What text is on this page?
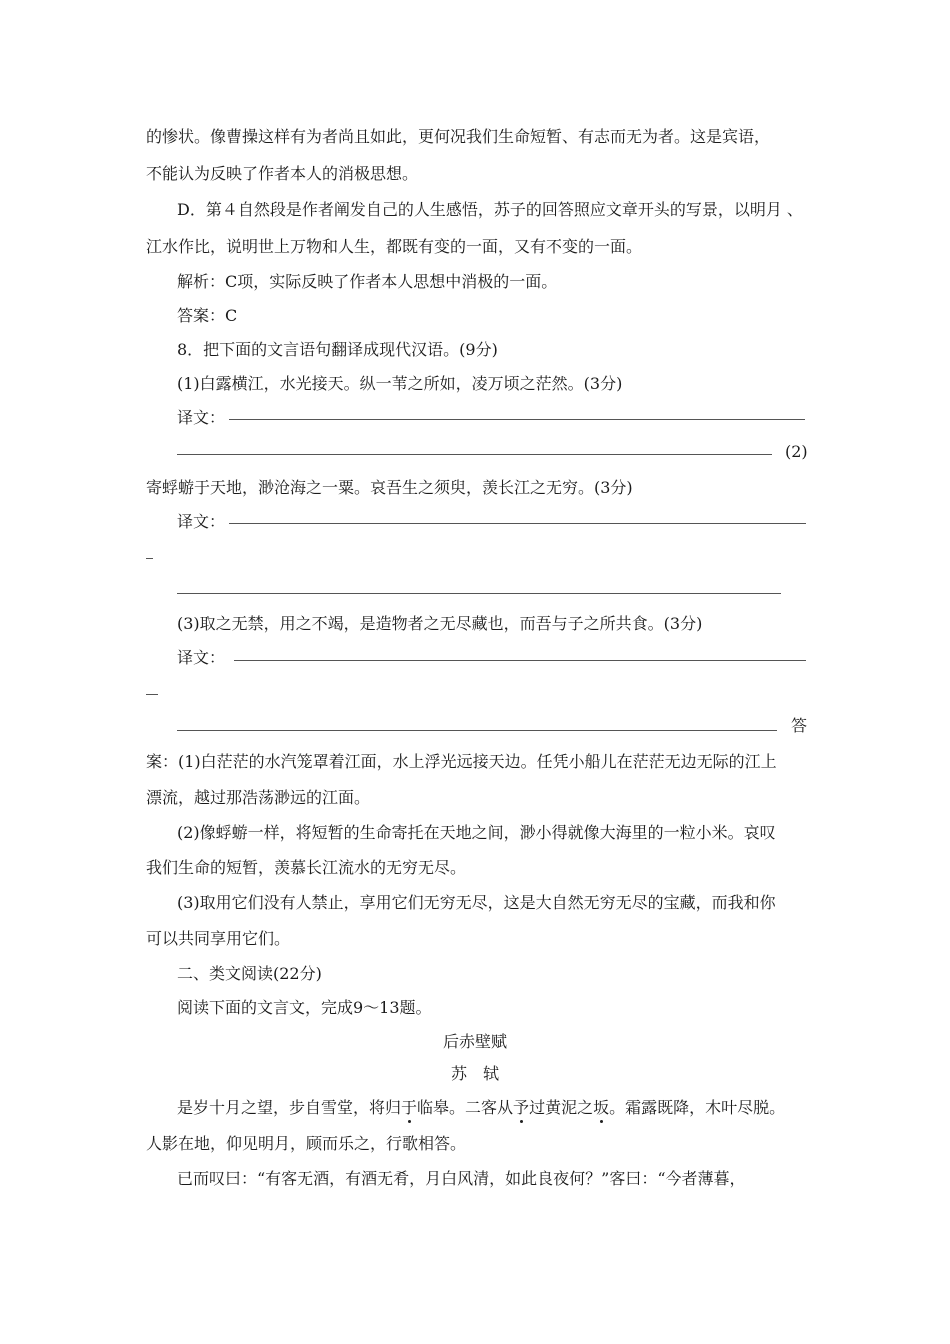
的惨状。像曹操这样有为者尚且如此，更何况我们生命短暂、有志而无为者。这是宾语，
不能认为反映了作者本人的消极思想。
D．第４自然段是作者阐发自己的人生感悟，苏子的回答照应文章开头的写景，以明月 、
江水作比，说明世上万物和人生，都既有变的一面，又有不变的一面。
解析：C项，实际反映了作者本人思想中消极的一面。
答案：C
8．把下面的文言语句翻译成现代汉语。(9分)
(1)白露横江，水光接天。纵一苇之所如，凌万顷之茫然。(3分)
译文：
(2)
寄蜉蝣于天地，渺沧海之一粟。哀吾生之须臾，羡长江之无穷。(3分)
译文：
(3)取之无禁，用之不竭，是造物者之无尽藏也，而吾与子之所共食。(3分)
译文：
答
案：(1)白茫茫的水汽笼罩着江面，水上浮光远接天边。任凭小船儿在茫茫无边无际的江上
漂流，越过那浩荡渺远的江面。
(2)像蜉蝣一样，将短暂的生命寄托在天地之间，渺小得就像大海里的一粒小米。哀叹
我们生命的短暂，羡慕长江流水的无穷无尽。
(3)取用它们没有人禁止，享用它们无穷无尽，这是大自然无穷无尽的宝藏，而我和你
可以共同享用它们。
二、类文阅读(22分)
阅读下面的文言文，完成9～13题。
后赤壁赋
苏　轼
是岁十月之望，步自雪堂，将归于临皋。二客从予过黄泥之坂。霜露既降，木叶尽脱。
人影在地，仰见明月，顾而乐之，行歌相答。
已而叹曰：“有客无酒，有酒无肴，月白风清，如此良夜何？”客曰：“今者薄暮，
